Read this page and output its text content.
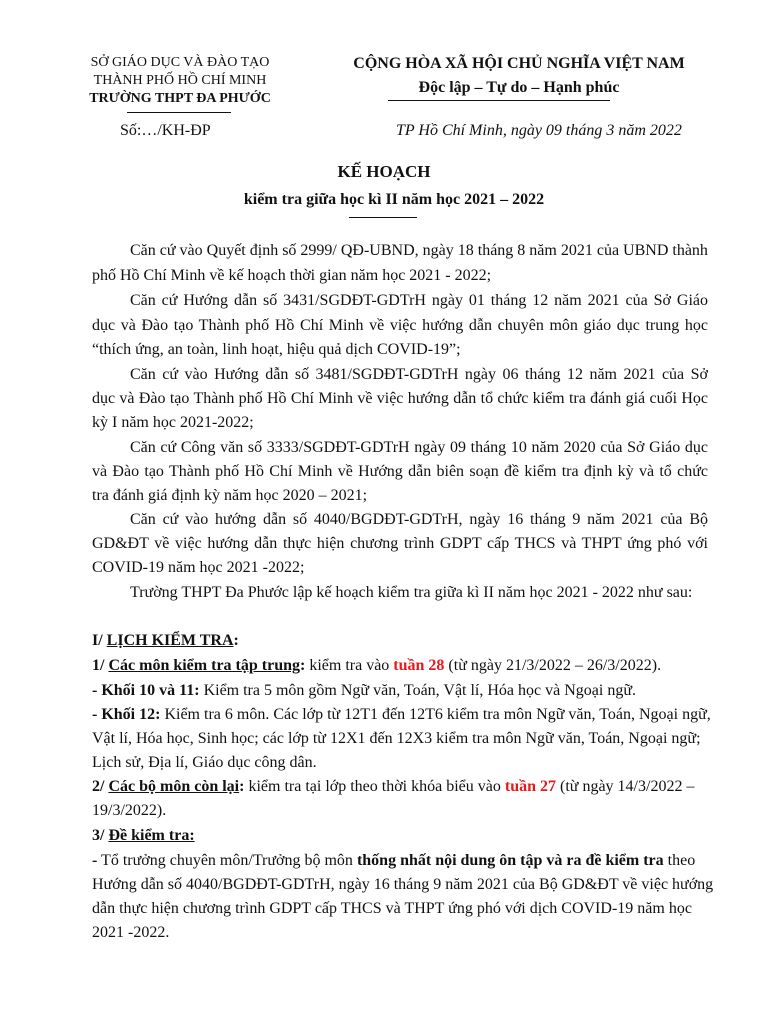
SỞ GIÁO DỤC VÀ ĐÀO TẠO
THÀNH PHỐ HỒ CHÍ MINH
TRƯỜNG THPT ĐA PHƯỚC
Số:…/KH-ĐP
CỘNG HÒA XÃ HỘI CHỦ NGHĨA VIỆT NAM
Độc lập – Tự do – Hạnh phúc
TP Hồ Chí Minh, ngày 09 tháng 3 năm 2022
KẾ HOẠCH
kiểm tra giữa học kì II năm học 2021 – 2022
Căn cứ vào Quyết định số 2999/ QĐ-UBND, ngày 18 tháng 8 năm 2021 của UBND thành
phố Hồ Chí Minh về kế hoạch thời gian năm học 2021 - 2022;
Căn cứ Hướng dẫn số 3431/SGDĐT-GDTrH ngày 01 tháng 12 năm 2021 của Sở Giáo
dục và Đào tạo Thành phố Hồ Chí Minh về việc hướng dẫn chuyên môn giáo dục trung học
“thích ứng, an toàn, linh hoạt, hiệu quả dịch COVID-19”;
Căn cứ vào Hướng dẫn số 3481/SGDĐT-GDTrH ngày 06 tháng 12 năm 2021 của Sở
dục và Đào tạo Thành phố Hồ Chí Minh về việc hướng dẫn tổ chức kiểm tra đánh giá cuối Học
kỳ I năm học 2021-2022;
Căn cứ Công văn số 3333/SGDĐT-GDTrH ngày 09 tháng 10 năm 2020 của Sở Giáo dục
và Đào tạo Thành phố Hồ Chí Minh về Hướng dẫn biên soạn đề kiểm tra định kỳ và tổ chức
tra đánh giá định kỳ năm học 2020 – 2021;
Căn cứ vào hướng dẫn số 4040/BGDĐT-GDTrH, ngày 16 tháng 9 năm 2021 của Bộ
GD&ĐT về việc hướng dẫn thực hiện chương trình GDPT cấp THCS và THPT ứng phó với
COVID-19 năm học 2021 -2022;
Trường THPT Đa Phước lập kế hoạch kiểm tra giữa kì II năm học 2021 - 2022 như sau:
I/ LỊCH KIỂM TRA:
1/ Các môn kiểm tra tập trung: kiểm tra vào tuần 28 (từ ngày 21/3/2022 – 26/3/2022).
- Khối 10 và 11: Kiểm tra 5 môn gồm Ngữ văn, Toán, Vật lí, Hóa học và Ngoại ngữ.
- Khối 12: Kiểm tra 6 môn. Các lớp từ 12T1 đến 12T6 kiểm tra môn Ngữ văn, Toán, Ngoại ngữ,
Vật lí, Hóa học, Sinh học; các lớp từ 12X1 đến 12X3 kiểm tra môn Ngữ văn, Toán, Ngoại ngữ;
Lịch sử, Địa lí, Giáo dục công dân.
2/ Các bộ môn còn lại: kiểm tra tại lớp theo thời khóa biểu vào tuần 27 (từ ngày 14/3/2022 –
19/3/2022).
3/ Đề kiểm tra:
- Tổ trưởng chuyên môn/Trưởng bộ môn thống nhất nội dung ôn tập và ra đề kiểm tra theo
Hướng dẫn số 4040/BGDĐT-GDTrH, ngày 16 tháng 9 năm 2021 của Bộ GD&ĐT về việc hướng
dẫn thực hiện chương trình GDPT cấp THCS và THPT ứng phó với dịch COVID-19 năm học
2021 -2022.
